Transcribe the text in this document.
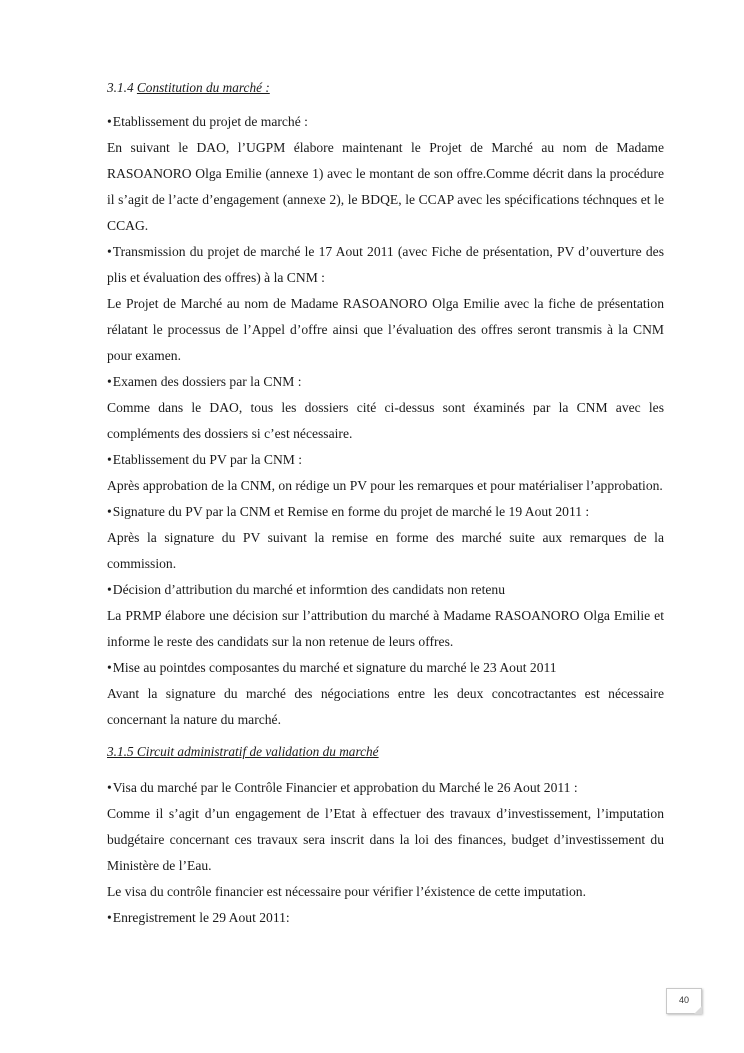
3.1.4 Constitution du marché :

• Etablissement du projet de marché :

En suivant le DAO, l’UGPM élabore maintenant le Projet de Marché au nom de Madame RASOANORO Olga Emilie (annexe 1) avec le montant de son offre.Comme décrit dans la procédure il s’agit de l’acte d’engagement (annexe 2), le BDQE, le CCAP avec les spécifications téchnques et le CCAG.

• Transmission du projet de marché le 17 Aout 2011 (avec Fiche de présentation, PV d’ouverture des plis et évaluation des offres) à la CNM :

Le Projet de Marché au nom de Madame RASOANORO Olga Emilie avec la fiche de présentation rélatant le processus de l’Appel d’offre ainsi que l’évaluation des offres seront transmis à la CNM pour examen.

• Examen des dossiers par la CNM :

Comme dans le DAO, tous les dossiers cité ci-dessus sont éxaminés par la CNM avec les compléments des dossiers si c’est nécessaire.

• Etablissement du PV par la CNM :

Après approbation de la CNM, on rédige un PV pour les remarques et pour matérialiser l’approbation.

• Signature du PV par la CNM et Remise en forme du projet de marché le 19 Aout 2011 :

Après la signature du PV suivant la remise en forme des marché suite aux remarques de la commission.

• Décision d’attribution du marché et informtion des candidats non retenu

La PRMP élabore une décision sur l’attribution du marché à Madame RASOANORO Olga Emilie et informe le reste des candidats sur la non retenue de leurs offres.

• Mise au pointdes composantes du marché et signature du marché le 23 Aout 2011

Avant la signature du marché des négociations entre les deux concotractantes est nécessaire concernant la nature du marché.

3.1.5 Circuit administratif de validation du marché

• Visa du marché par le Contrôle Financier et approbation du Marché le 26 Aout 2011 :

Comme il s’agit d’un engagement de l’Etat à effectuer des travaux d’investissement, l’imputation budgétaire concernant ces travaux sera inscrit dans la loi des finances, budget d’investissement du Ministère de l’Eau.

Le visa du contrôle financier est nécessaire pour vérifier l’éxistence de cette imputation.

• Enregistrement le 29 Aout 2011:

40
